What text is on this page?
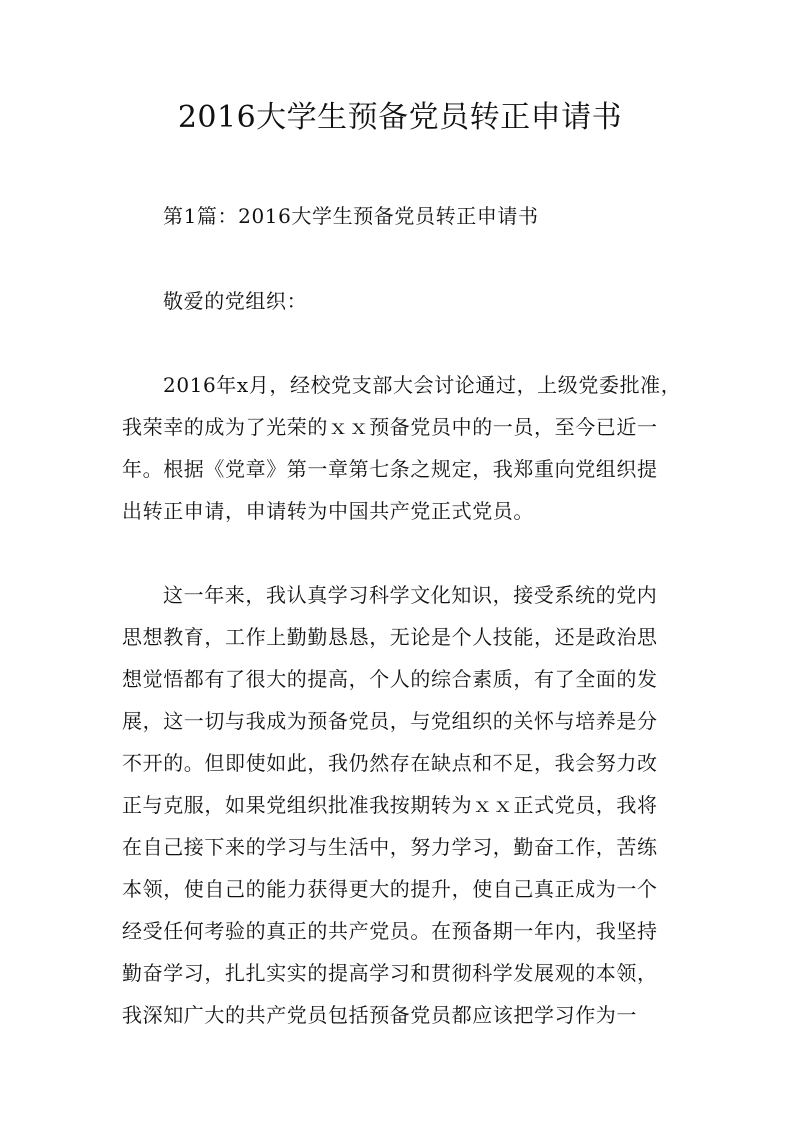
2016大学生预备党员转正申请书
第1篇：2016大学生预备党员转正申请书
敬爱的党组织：
2016年x月，经校党支部大会讨论通过，上级党委批准，
我荣幸的成为了光荣的ｘｘ预备党员中的一员，至今已近一
年。根据《党章》第一章第七条之规定，我郑重向党组织提
出转正申请，申请转为中国共产党正式党员。
这一年来，我认真学习科学文化知识，接受系统的党内
思想教育，工作上勤勤恳恳，无论是个人技能，还是政治思
想觉悟都有了很大的提高，个人的综合素质，有了全面的发
展，这一切与我成为预备党员，与党组织的关怀与培养是分
不开的。但即使如此，我仍然存在缺点和不足，我会努力改
正与克服，如果党组织批准我按期转为ｘｘ正式党员，我将
在自己接下来的学习与生活中，努力学习，勤奋工作，苦练
本领，使自己的能力获得更大的提升，使自己真正成为一个
经受任何考验的真正的共产党员。在预备期一年内，我坚持
勤奋学习，扎扎实实的提高学习和贯彻科学发展观的本领，
我深知广大的共产党员包括预备党员都应该把学习作为一
